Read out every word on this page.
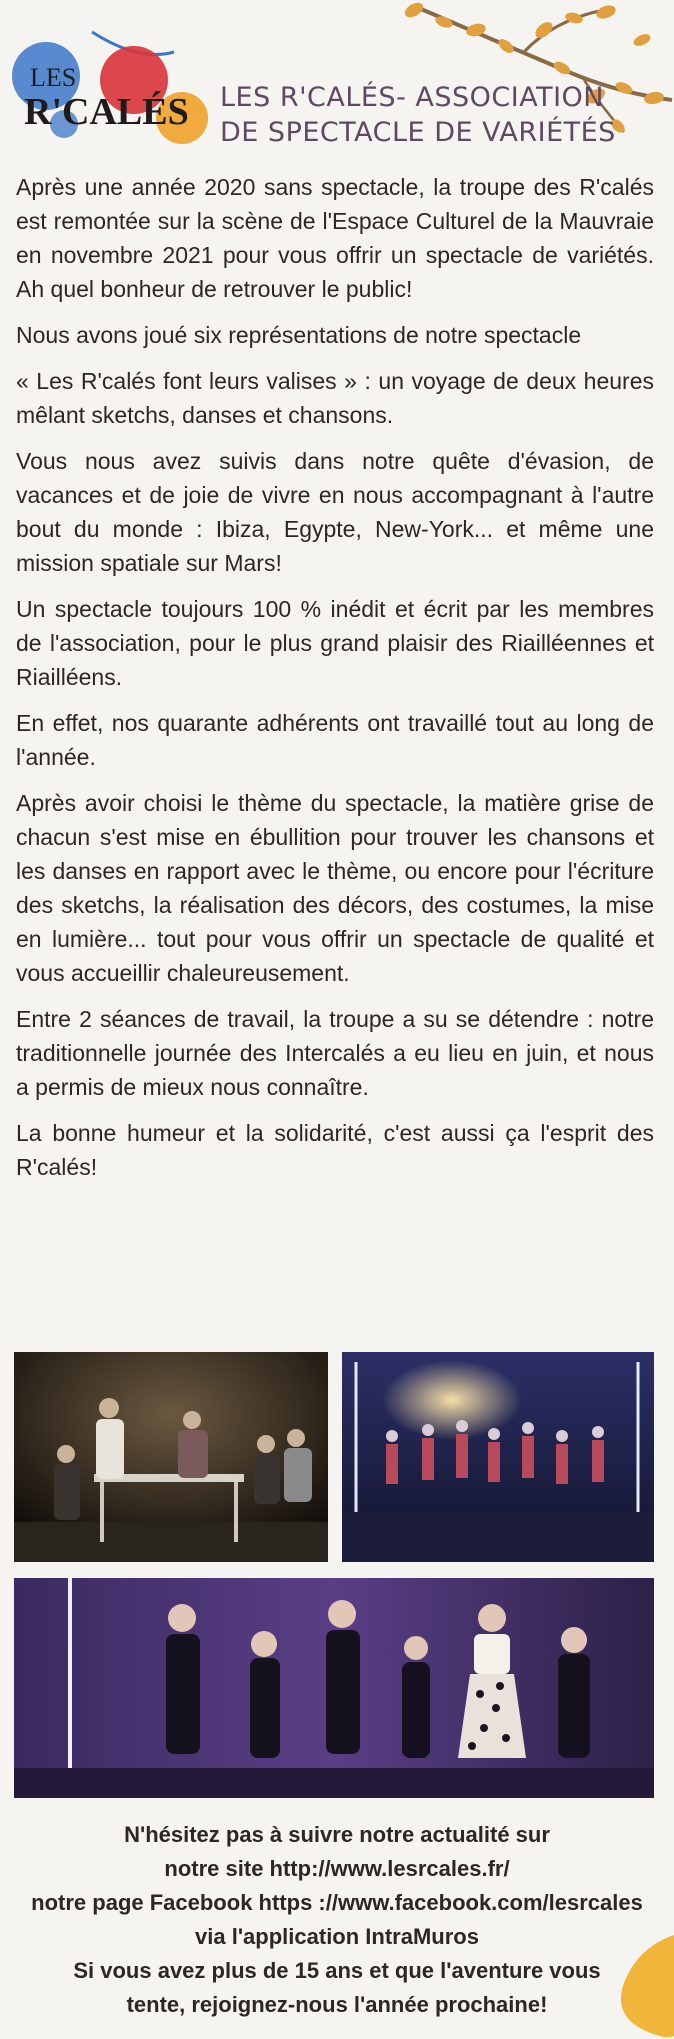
LES
R'CALÉS LES R'CALÉS- ASSOCIATION
DE SPECTACLE DE VARIÉTÉS

Après une année 2020 sans spectacle, la troupe des R'calés est remontée sur la scène de l'Espace Culturel de la Mauvraie en novembre 2021 pour vous offrir un spectacle de variétés. Ah quel bonheur de retrouver le public!

Nous avons joué six représentations de notre spectacle

« Les R'calés font leurs valises » : un voyage de deux heures mêlant sketchs, danses et chansons.

Vous nous avez suivis dans notre quête d'évasion, de vacances et de joie de vivre en nous accompagnant à l'autre bout du monde : Ibiza, Egypte, New-York... et même une mission spatiale sur Mars!

Un spectacle toujours 100 % inédit et écrit par les membres de l'association, pour le plus grand plaisir des Riailléennes et Riailléens.

En effet, nos quarante adhérents ont travaillé tout au long de l'année.

Après avoir choisi le thème du spectacle, la matière grise de chacun s'est mise en ébullition pour trouver les chansons et les danses en rapport avec le thème, ou encore pour l'écriture des sketchs, la réalisation des décors, des costumes, la mise en lumière... tout pour vous offrir un spectacle de qualité et vous accueillir chaleureusement.

Entre 2 séances de travail, la troupe a su se détendre : notre traditionnelle journée des Intercalés a eu lieu en juin, et nous a permis de mieux nous connaître.

La bonne humeur et la solidarité, c'est aussi ça l'esprit des R'calés!

N'hésitez pas à suivre notre actualité sur
notre site http://www.lesrcales.fr/
notre page Facebook https ://www.facebook.com/lesrcales
via l'application IntraMuros
Si vous avez plus de 15 ans et que l'aventure vous
tente, rejoignez-nous l'année prochaine!
